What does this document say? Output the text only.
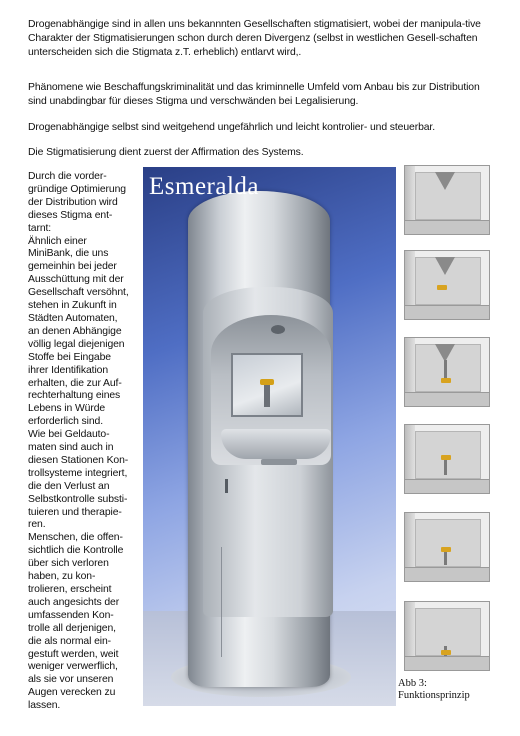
Drogenabhängige sind in allen uns bekannnten Gesellschaften stigmatisiert, wobei der manipula-tive Charakter der Stigmatisierungen schon durch deren Divergenz (selbst in westlichen Gesell-schaften unterscheiden sich die Stigmata z.T. erheblich) entlarvt wird,.
Phänomene wie Beschaffungskriminalität und das kriminnelle Umfeld vom Anbau bis zur Distribution sind unabdingbar für dieses Stigma und verschwänden bei Legalisierung.
Drogenabhängige selbst sind weitgehend ungefährlich und leicht kontrolier- und steuerbar.
Die Stigmatisierung dient zuerst der Affirmation des Systems.
Durch die vorder-
gründige Optimierung
der Distribution wird
dieses Stigma ent-
tarnt:
Ähnlich einer
MiniBank, die uns
gemeinhin bei jeder
Ausschüttung mit der
Gesellschaft versöhnt,
stehen in Zukunft in
Städten Automaten,
an denen Abhängige
völlig legal diejenigen
Stoffe bei Eingabe
ihrer Identifikation
erhalten, die zur Auf-
rechterhaltung eines
Lebens in Würde
erforderlich sind.
Wie bei Geldauto-
maten sind auch in
diesen Stationen Kon-
trollsysteme integriert,
die den Verlust an
Selbstkontrolle substi-
tuieren und therapie-
ren.
Menschen, die offen-
sichtlich die Kontrolle
über sich verloren
haben, zu kon-
trolieren, erscheint
auch angesichts der
umfassenden Kon-
trolle all derjenigen,
die als normal ein-
gestuft werden, weit
weniger verwerflich,
als sie vor unseren
Augen verecken zu
lassen.
Esmeralda
Abb 3:
Funktionsprinzip
